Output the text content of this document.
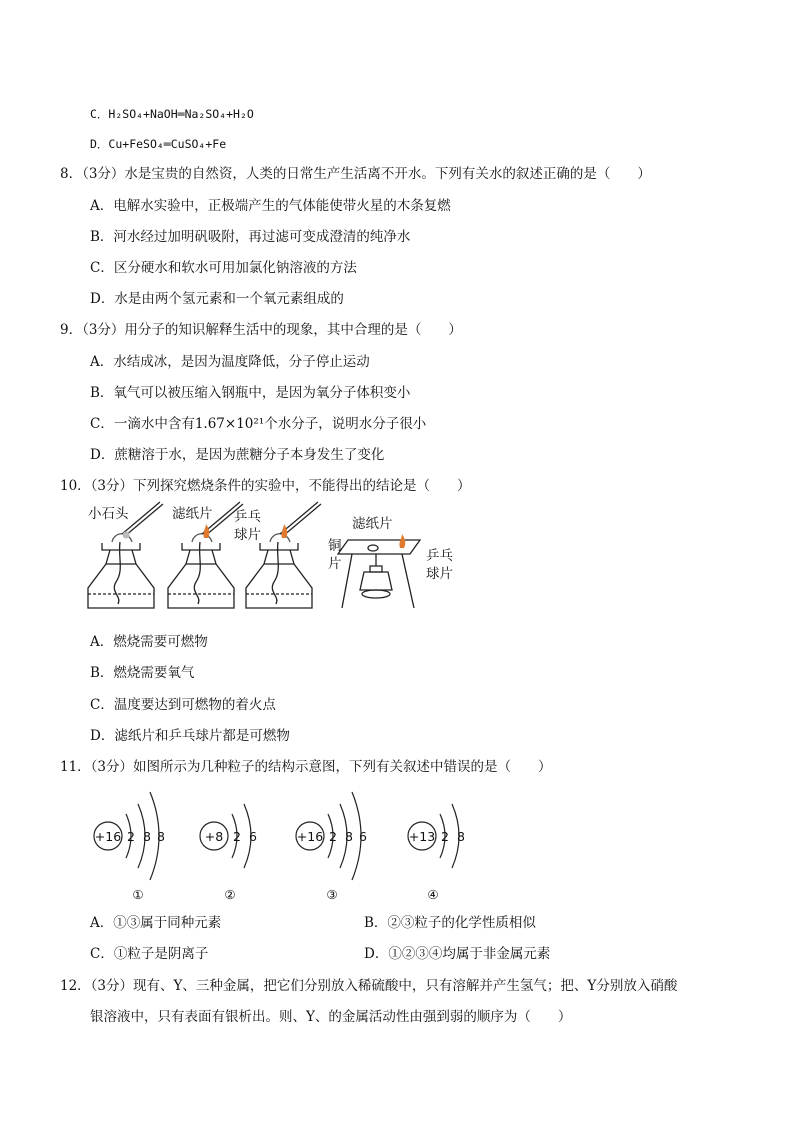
C．H₂SO₄+NaOH═Na₂SO₄+H₂O
D．Cu+FeSO₄═CuSO₄+Fe
8．（3分）水是宝贵的自然资，人类的日常生产生活离不开水。下列有关水的叙述正确的是（　　）
A．电解水实验中，正极端产生的气体能使带火星的木条复燃
B．河水经过加明矾吸附，再过滤可变成澄清的纯净水
C．区分硬水和软水可用加氯化钠溶液的方法
D．水是由两个氢元素和一个氧元素组成的
9．（3分）用分子的知识解释生活中的现象，其中合理的是（　　）
A．水结成冰，是因为温度降低，分子停止运动
B．氧气可以被压缩入钢瓶中，是因为氧分子体积变小
C．一滴水中含有1.67×10²¹个水分子，说明水分子很小
D．蔗糖溶于水，是因为蔗糖分子本身发生了变化
10．（3分）下列探究燃烧条件的实验中，不能得出的结论是（　　）
小石头	滤纸片 乒乓
球片
滤纸片
铜
片	乒乓
球片
A．燃烧需要可燃物
B．燃烧需要氧气
C．温度要达到可燃物的着火点
D．滤纸片和乒乓球片都是可燃物
11．（3分）如图所示为几种粒子的结构示意图，下列有关叙述中错误的是（　　）
+16 2 8 8
①
+8 2 6
②
+16 2 8 6
③
+13 2 8
④
A．①③属于同种元素	B．②③粒子的化学性质相似
C．①粒子是阴离子	D．①②③④均属于非金属元素
12．（3分）现有、Y、三种金属，把它们分别放入稀硫酸中，只有溶解并产生氢气；把、Y分别放入硝酸
银溶液中，只有表面有银析出。则、Y、的金属活动性由强到弱的顺序为（　　）
